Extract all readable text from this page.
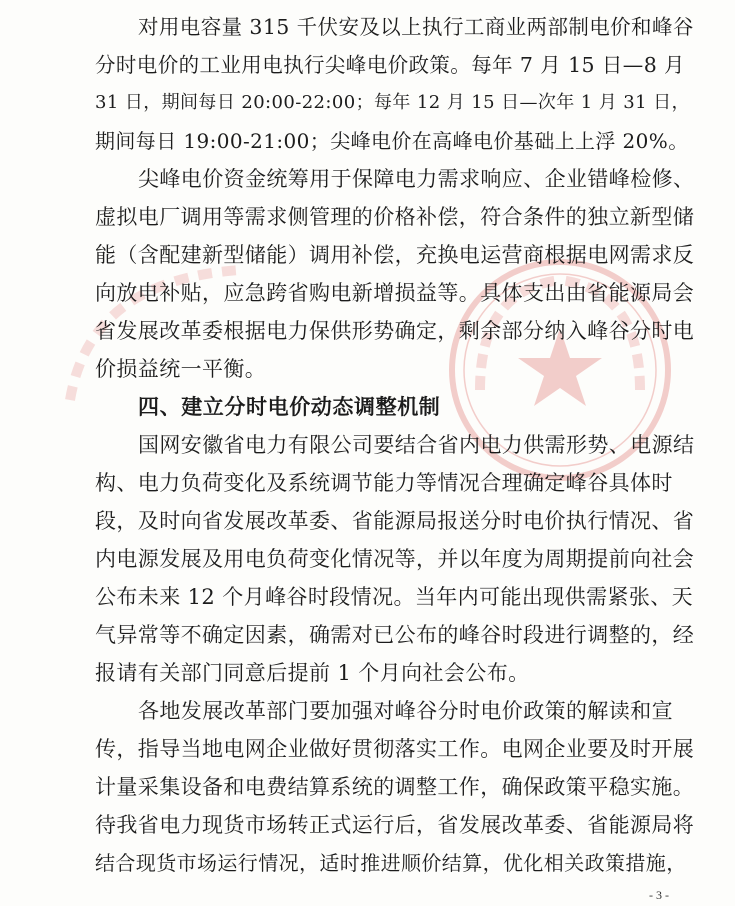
对用电容量 315 千伏安及以上执行工商业两部制电价和峰谷
分时电价的工业用电执行尖峰电价政策。每年 7 月 15 日—8 月
31 日，期间每日 20:00-22:00；每年 12 月 15 日—次年 1 月 31 日，
期间每日 19:00-21:00；尖峰电价在高峰电价基础上上浮 20%。
尖峰电价资金统筹用于保障电力需求响应、企业错峰检修、
虚拟电厂调用等需求侧管理的价格补偿，符合条件的独立新型储
能（含配建新型储能）调用补偿，充换电运营商根据电网需求反
向放电补贴，应急跨省购电新增损益等。具体支出由省能源局会
省发展改革委根据电力保供形势确定，剩余部分纳入峰谷分时电
价损益统一平衡。
四、建立分时电价动态调整机制
国网安徽省电力有限公司要结合省内电力供需形势、电源结
构、电力负荷变化及系统调节能力等情况合理确定峰谷具体时
段，及时向省发展改革委、省能源局报送分时电价执行情况、省
内电源发展及用电负荷变化情况等，并以年度为周期提前向社会
公布未来 12 个月峰谷时段情况。当年内可能出现供需紧张、天
气异常等不确定因素，确需对已公布的峰谷时段进行调整的，经
报请有关部门同意后提前 1 个月向社会公布。
各地发展改革部门要加强对峰谷分时电价政策的解读和宣
传，指导当地电网企业做好贯彻落实工作。电网企业要及时开展
计量采集设备和电费结算系统的调整工作，确保政策平稳实施。
待我省电力现货市场转正式运行后，省发展改革委、省能源局将
结合现货市场运行情况，适时推进顺价结算，优化相关政策措施，
- 3 -
